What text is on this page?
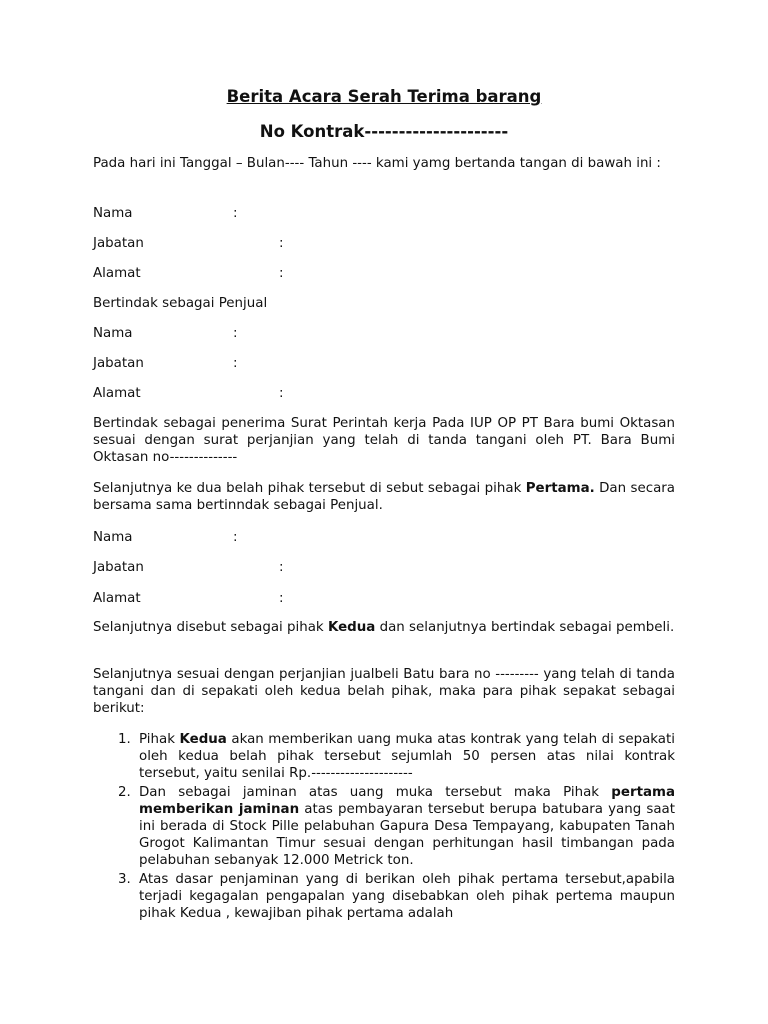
Berita Acara Serah Terima barang
No Kontrak---------------------
Pada hari ini Tanggal – Bulan---- Tahun ---- kami yamg bertanda tangan di bawah ini :
Nama	:
Jabatan	:
Alamat	:
Bertindak sebagai Penjual
Nama	:
Jabatan	:
Alamat	:
Bertindak sebagai penerima Surat Perintah kerja Pada IUP OP PT Bara bumi Oktasan sesuai dengan surat perjanjian yang telah di tanda tangani oleh PT. Bara Bumi Oktasan no--------------
Selanjutnya ke dua belah pihak tersebut di sebut sebagai pihak Pertama. Dan secara bersama sama bertinndak sebagai Penjual.
Nama	:
Jabatan	:
Alamat	:
Selanjutnya disebut sebagai pihak Kedua dan selanjutnya bertindak sebagai pembeli.
Selanjutnya sesuai dengan perjanjian jualbeli Batu bara no --------- yang telah di tanda tangani dan di sepakati oleh kedua belah pihak, maka para pihak sepakat sebagai berikut:
1. Pihak Kedua akan memberikan uang muka atas kontrak yang telah di sepakati oleh kedua belah pihak tersebut sejumlah 50 persen atas nilai kontrak tersebut, yaitu senilai Rp.---------------------
2. Dan sebagai jaminan atas uang muka tersebut maka Pihak pertama memberikan jaminan atas pembayaran tersebut berupa batubara yang saat ini berada di Stock Pille pelabuhan Gapura Desa Tempayang, kabupaten Tanah Grogot Kalimantan Timur sesuai dengan perhitungan hasil timbangan pada pelabuhan sebanyak 12.000 Metrick ton.
3. Atas dasar penjaminan yang di berikan oleh pihak pertama tersebut,apabila terjadi kegagalan pengapalan yang disebabkan oleh pihak pertema maupun pihak Kedua , kewajiban pihak pertama adalah
